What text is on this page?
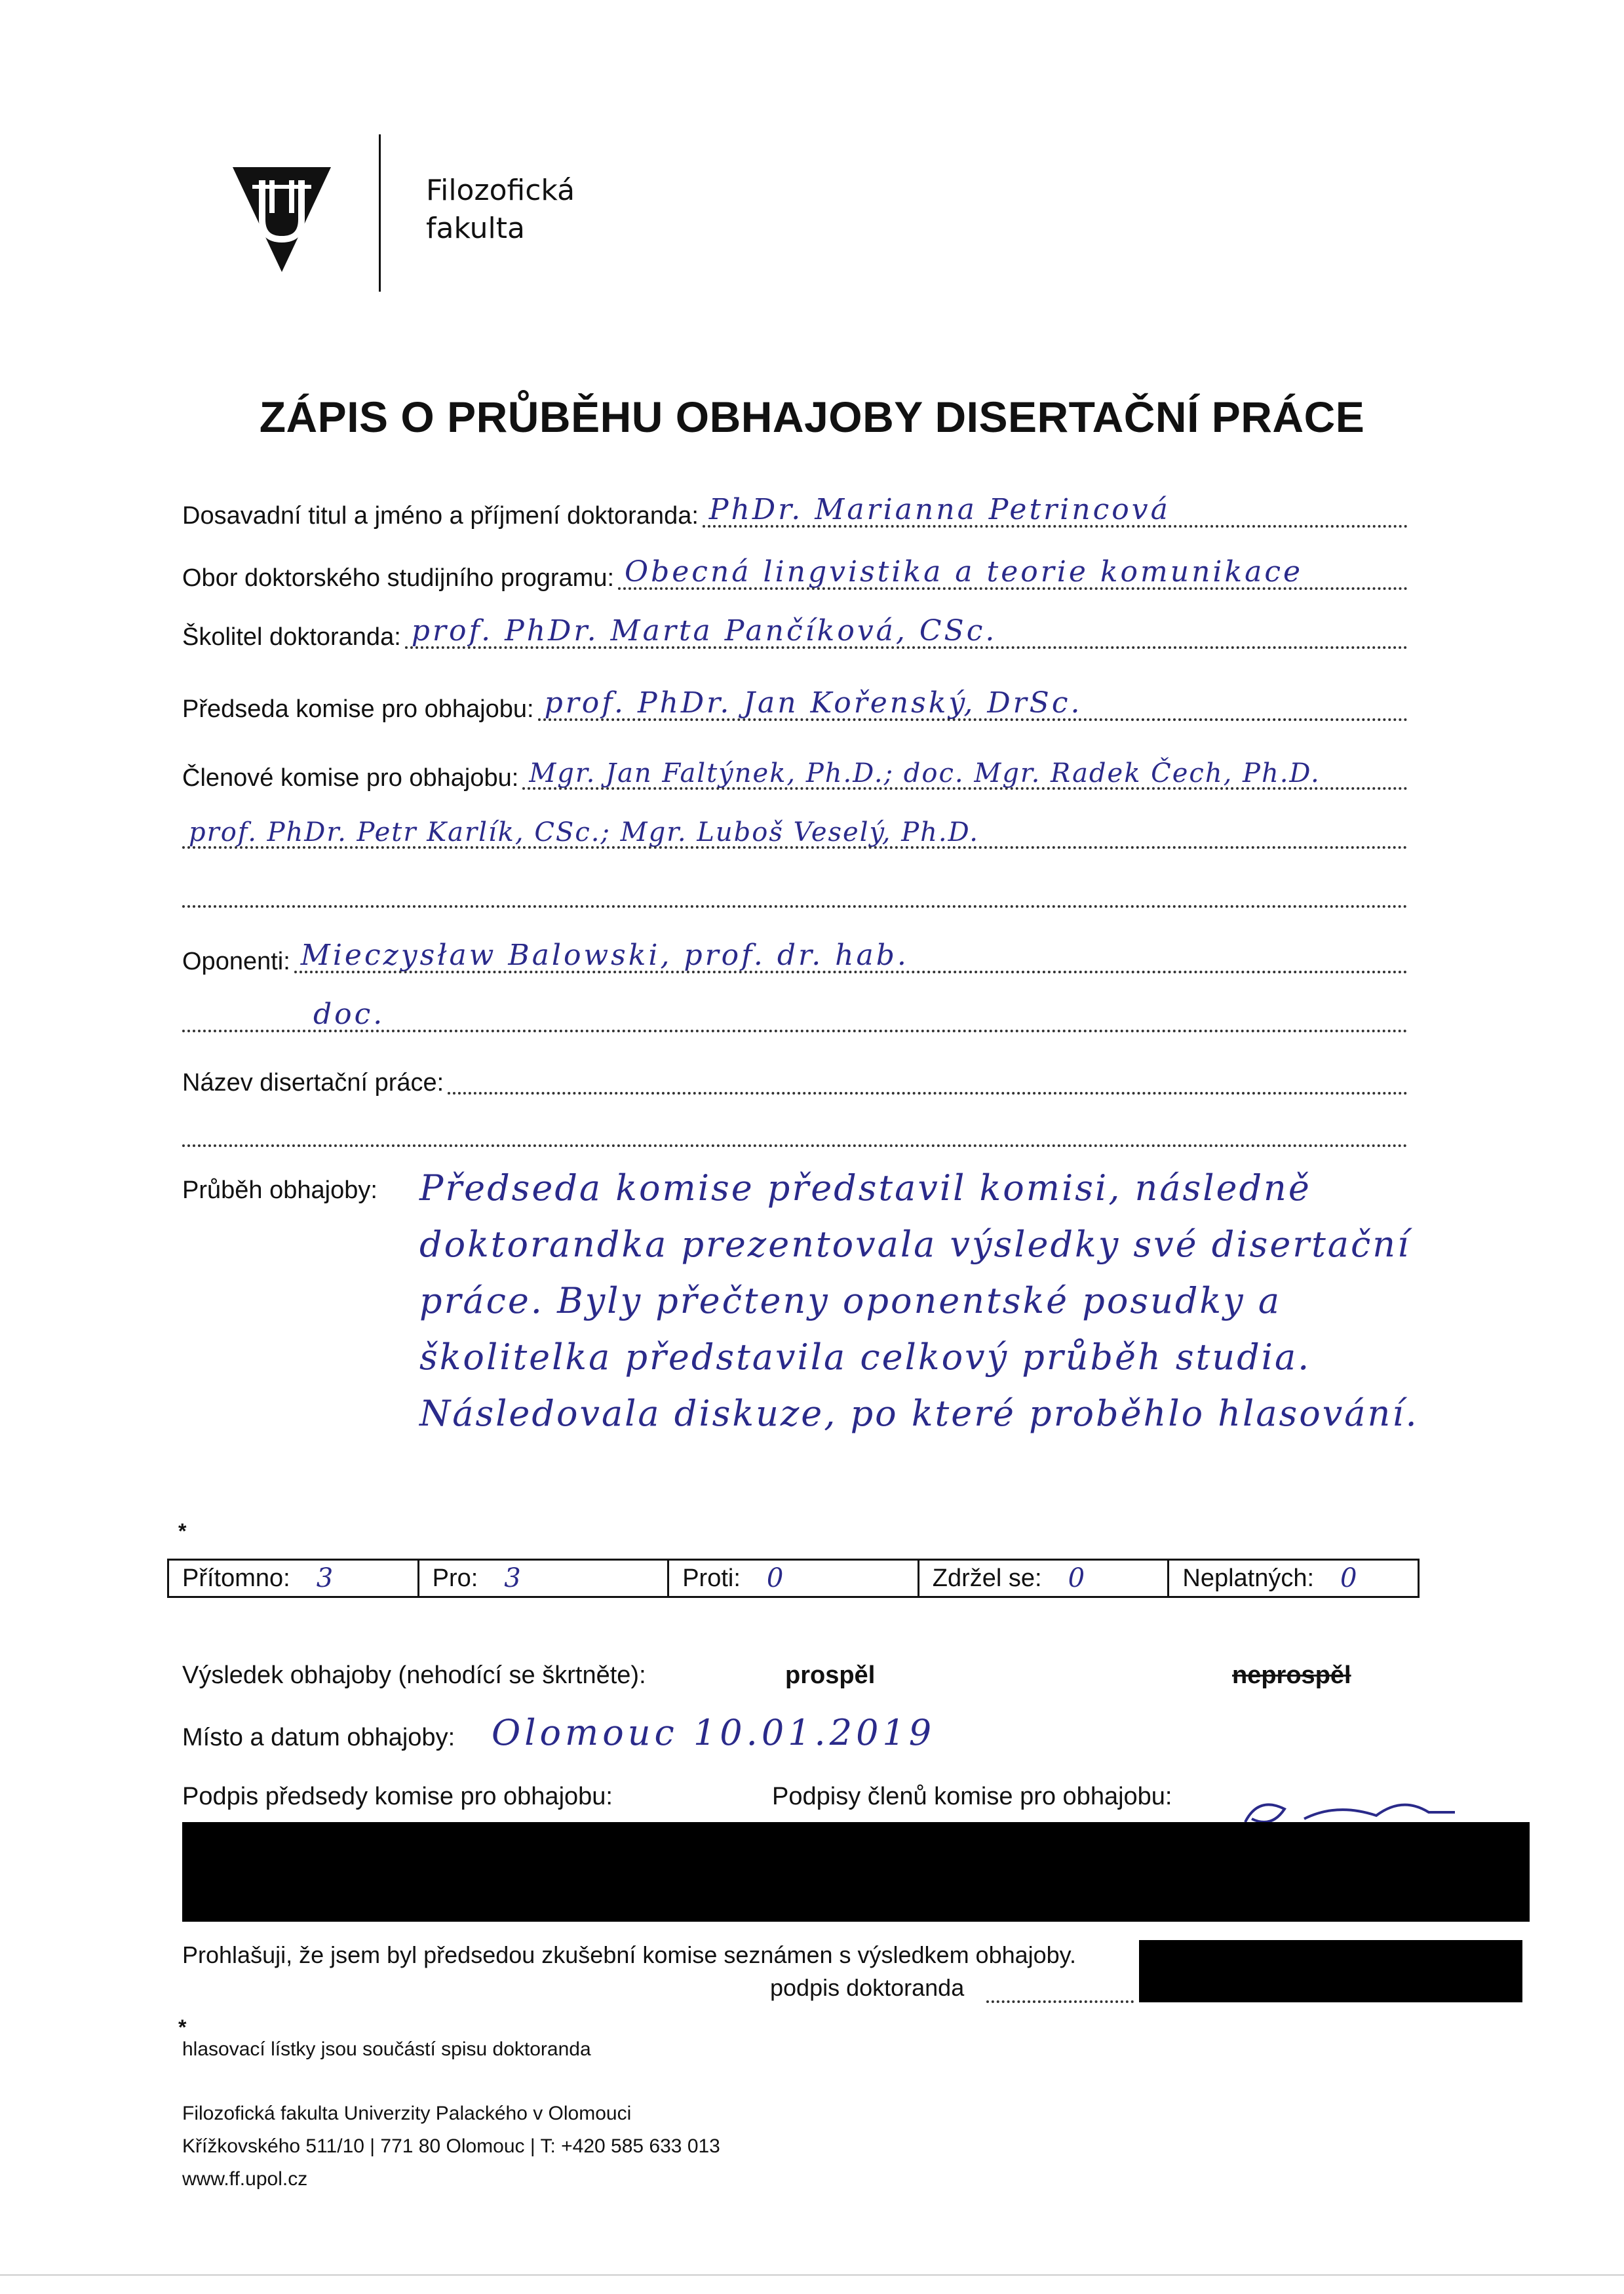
Filozofická
fakulta
ZÁPIS O PRŮBĚHU OBHAJOBY DISERTAČNÍ PRÁCE
Dosavadní titul a jméno a příjmení doktoranda: PhDr. Marianna Petrincová
Obor doktorského studijního programu: Obecná lingvistika a teorie komunikace
Školitel doktoranda: prof. PhDr. Marta Pančíková, CSc.
Předseda komise pro obhajobu: prof. PhDr. Jan Kořenský, DrSc.
Členové komise pro obhajobu: Mgr. Jan Faltýnek, Ph.D.; doc. Mgr. Radek Čech, Ph.D.
prof. PhDr. Petr Karlík, CSc.; Mgr. Luboš Veselý, Ph.D.
Oponenti: Mieczysław Balowski, prof. dr. hab.
doc.
Název disertační práce:
Průběh obhajoby: Předseda komise představil komisi, následně doktorandka prezentovala výsledky své disertační práce. Byly přečteny oponentské posudky a školitelka představila celkový průběh studia. Následovala diskuze, po které proběhlo hlasování.
*
Přítomno: 3	Pro: 3	Proti: 0	Zdržel se: 0	Neplatných: 0
Výsledek obhajoby (nehodící se škrtněte):	prospěl	neprospěl
Místo a datum obhajoby: Olomouc 10.01.2019
Podpis předsedy komise pro obhajobu:	Podpisy členů komise pro obhajobu:
Prohlašuji, že jsem byl předsedou zkušební komise seznámen s výsledkem obhajoby.
podpis doktoranda
*
hlasovací lístky jsou součástí spisu doktoranda
Filozofická fakulta Univerzity Palackého v Olomouci
Křížkovského 511/10 | 771 80 Olomouc | T: +420 585 633 013
www.ff.upol.cz
